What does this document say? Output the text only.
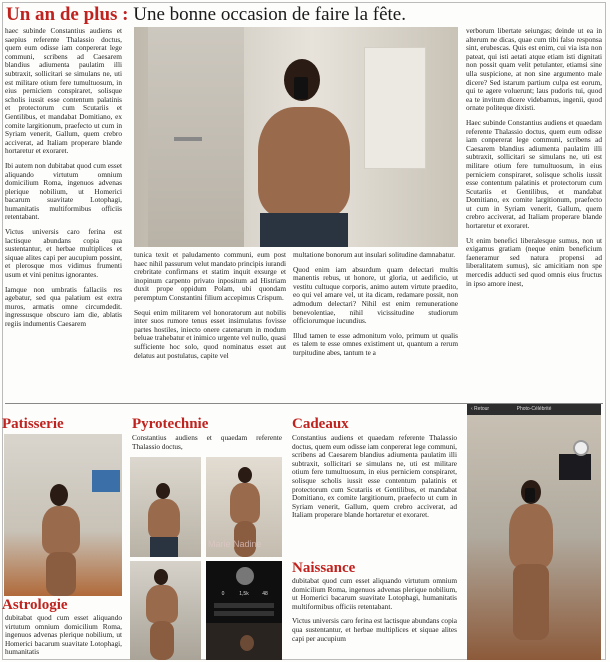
Un an de plus : Une bonne occasion de faire la fête.

haec subinde Constantius audiens et saepius referente Thalassio doctus, quem eum odisse iam conpererat lege communi, scribens ad Caesarem blandius adiumenta paulatim illi subtraxit, sollicitari se simulans ne, uti est militare otium fere tumultuosum, in eius perniciem conspiraret, solisque scholis iussit esse contentum palatinis et protectorum cum Scutariis et Gentilibus, et mandabat Domitiano, ex comite largitionum, praefecto ut cum in Syriam venerit, Gallum, quem crebro acciverat, ad Italiam properare blande hortaretur et exoraret.

Ibi autem non dubitabat quod cum esset aliquando virtutum omnium domicilium Roma, ingenuos advenas plerique nobilium, ut Homerici bacarum suavitate Lotophagi, humanitatis multiformibus officiis retentabant.

Victus universis caro ferina est lactisque abundans copia qua sustentantur, et herbae multiplices et siquae alites capi per aucupium possint, et plerosque mos vidimus frumenti usum et vini penitus ignorantes.

Iamque non umbratis fallaciis res agebatur, sed qua palatium est extra muros, armatis omne circumdedit. ingressusque obscuro iam die, ablatis regiis indumentis Caesarem

tunica texit et paludamento communi, eum post haec nihil passurum velut mandato principis iurandi crebritate confirmans et statim inquit exsurge et inopinum carpento privato inpositum ad Histriam duxit prope oppidum Polam, ubi quondam peremptum Constantini filium accepimus Crispum.

Sequi enim militarem vel honoratorum aut nobilis inter suos rumore tenus esset insimulatus fovisse partes hostiles, iniecto onere catenarum in modum beluae trahebatur et inimico urgente vel nullo, quasi sufficiente hoc solo, quod nominatus esset aut delatus aut postulatus, capite vel

multatione bonorum aut insulari solitudine damnabatur.

Quod enim iam absurdum quam delectari multis manentis rebus, ut honore, ut gloria, ut aedificio, ut vestitu cultuque corporis, animo autem virtute praedito, eo qui vel amare vel, ut ita dicam, redamare possit, non admodum delectari? Nihil est enim remuneratione benevolentiae, nihil vicissitudine studiorum officiorumque iucundius.

Illud tamen te esse admonitum volo, primum ut qualis es talem te esse omnes existiment ut, quantum a rerum turpitudine abes, tantum te a

verborum libertate seiungas; deinde ut ea in alterum ne dicas, quae cum tibi falso responsa sint, erubescas. Quis est enim, cui via ista non pateat, qui isti aetati atque etiam isti dignitati non possit quam velit petulanter, etiamsi sine ulla suspicione, at non sine argumento male dicere? Sed istarum partium culpa est eorum, qui te agere voluerunt; laus pudoris tui, quod ea te invitum dicere videbamus, ingenii, quod ornate politeque dixisti.

Haec subinde Constantius audiens et quaedam referente Thalassio doctus, quem eum odisse iam conpererat lege communi, scribens ad Caesarem blandius adiumenta paulatim illi subtraxit, sollicitari se simulans ne, uti est militare otium fere tumultuosum, in eius perniciem conspiraret, solisque scholis iussit esse contentum palatinis et protectorum cum Scutariis et Gentilibus, et mandabat Domitiano, ex comite largitionum, praefecto ut cum in Syriam venerit, Gallum, quem crebro acciverat, ad Italiam properare blande hortaretur et exoraret.

Ut enim benefici liberalesque sumus, non ut exigamus gratiam (neque enim beneficium faeneramur sed natura propensi ad liberalitatem sumus), sic amicitiam non spe mercedis adducti sed quod omnis eius fructus in ipso amore inest,

Patisserie
Astrologie
dubitabat quod cum esset aliquando virtutum omnium domicilium Roma, ingenuos advenas plerique nobilium, ut Homerici bacarum suavitate Lotophagi, humanitatis
Pyrotechnie
Constantius audiens et quaedam referente Thalassio doctus,
Marie Nadine
0	1,5k	48
Cadeaux
Constantius audiens et quaedam referente Thalassio doctus, quem eum odisse iam conpererat lege communi, scribens ad Caesarem blandius adiumenta paulatim illi subtraxit, sollicitari se simulans ne, uti est militare otium fere tumultuosum, in eius perniciem conspiraret, solisque scholis iussit esse contentum palatinis et protectorum cum Scutariis et Gentilibus, et mandabat Domitiano, ex comite largitionum, praefecto ut cum in Syriam venerit, Gallum, quem crebro acciverat, ad Italiam properare blande hortaretur et exoraret.
Naissance

dubitabat quod cum esset aliquando virtutum omnium domicilium Roma, ingenuos advenas plerique nobilium, ut Homerici bacarum suavitate Lotophagi, humanitatis multiformibus officiis retentabant.

Victus universis caro ferina est lactisque abundans copia qua sustentantur, et herbae multiplices et siquae alites capi per aucupium

‹ Retour	Photo-Célébrité
